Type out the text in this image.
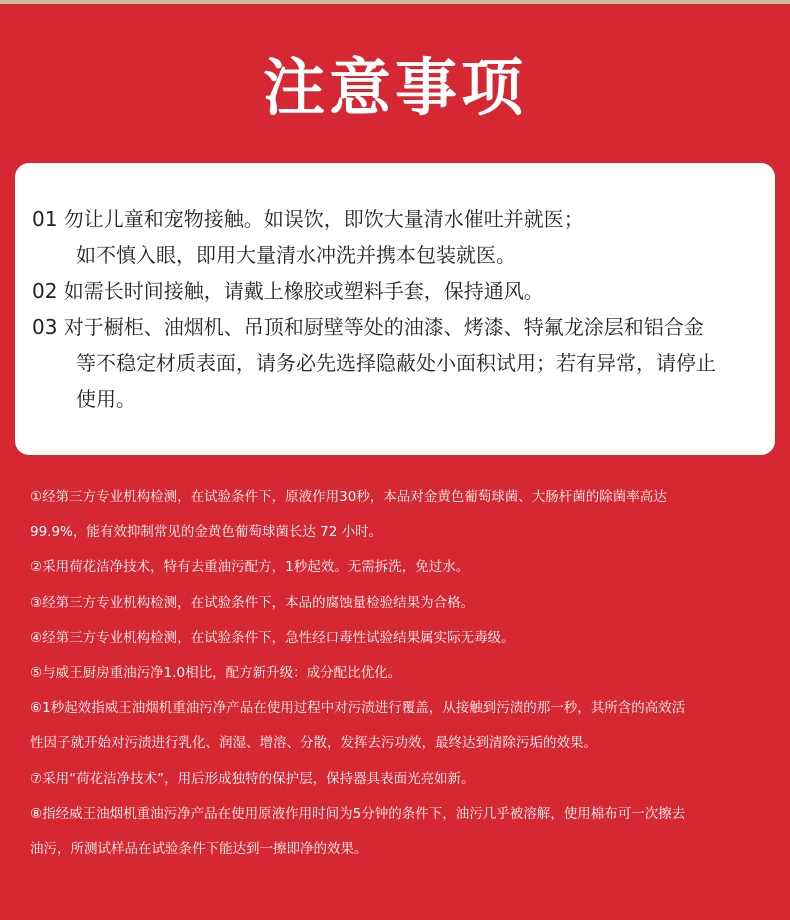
注意事项
01 勿让儿童和宠物接触。如误饮，即饮大量清水催吐并就医；
如不慎入眼，即用大量清水冲洗并携本包装就医。
02 如需长时间接触，请戴上橡胶或塑料手套，保持通风。
03 对于橱柜、油烟机、吊顶和厨壁等处的油漆、烤漆、特氟龙涂层和铝合金
等不稳定材质表面，请务必先选择隐蔽处小面积试用；若有异常，请停止
使用。
①经第三方专业机构检测，在试验条件下，原液作用30秒，本品对金黄色葡萄球菌、大肠杆菌的除菌率高达
99.9%，能有效抑制常见的金黄色葡萄球菌长达 72 小时。
②采用荷花洁净技术，特有去重油污配方，1秒起效。无需拆洗，免过水。
③经第三方专业机构检测，在试验条件下，本品的腐蚀量检验结果为合格。
④经第三方专业机构检测，在试验条件下，急性经口毒性试验结果属实际无毒级。
⑤与威王厨房重油污净1.0相比，配方新升级：成分配比优化。
⑥1秒起效指威王油烟机重油污净产品在使用过程中对污渍进行覆盖，从接触到污渍的那一秒，其所含的高效活
性因子就开始对污渍进行乳化、润湿、增溶、分散，发挥去污功效，最终达到清除污垢的效果。
⑦采用“荷花洁净技术”，用后形成独特的保护层，保持器具表面光亮如新。
⑧指经威王油烟机重油污净产品在使用原液作用时间为5分钟的条件下，油污几乎被溶解，使用棉布可一次擦去
油污，所测试样品在试验条件下能达到一擦即净的效果。
